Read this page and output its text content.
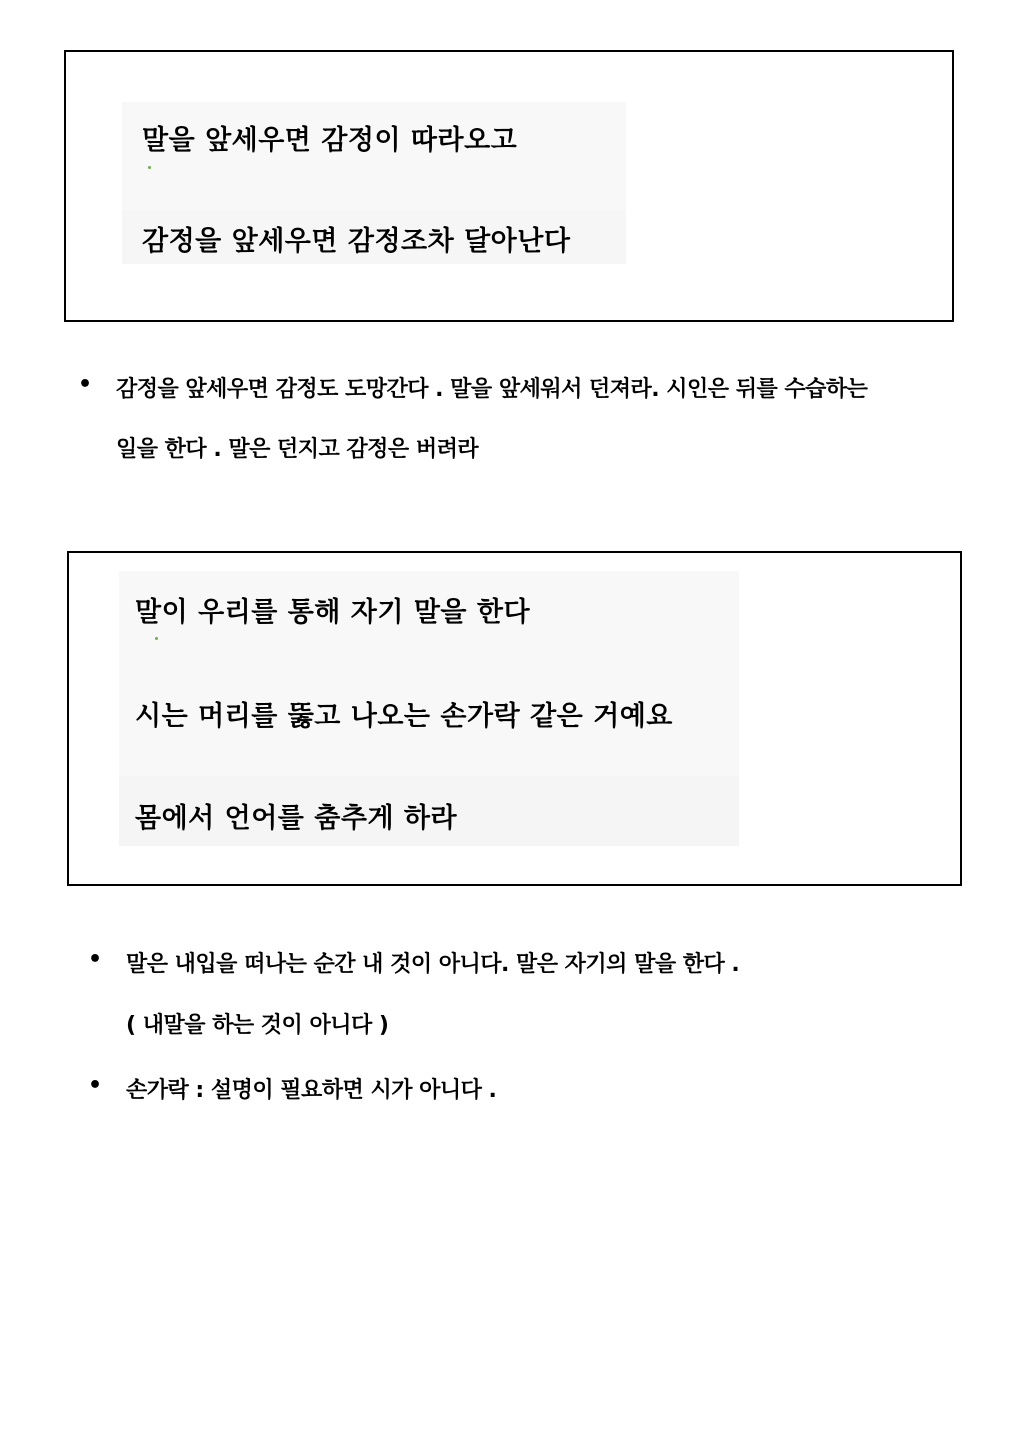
말을 앞세우면 감정이 따라오고
감정을 앞세우면 감정조차 달아난다
• 감정을 앞세우면 감정도 도망간다 . 말을 앞세워서 던져라. 시인은 뒤를 수습하는
일을 한다 . 말은 던지고 감정은 버려라
말이 우리를 통해 자기 말을 한다
시는 머리를 뚫고 나오는 손가락 같은 거예요
몸에서 언어를 춤추게 하라
• 말은 내입을 떠나는 순간 내 것이 아니다. 말은 자기의 말을 한다 .
( 내말을 하는 것이 아니다 )
• 손가락 : 설명이 필요하면 시가 아니다 .
